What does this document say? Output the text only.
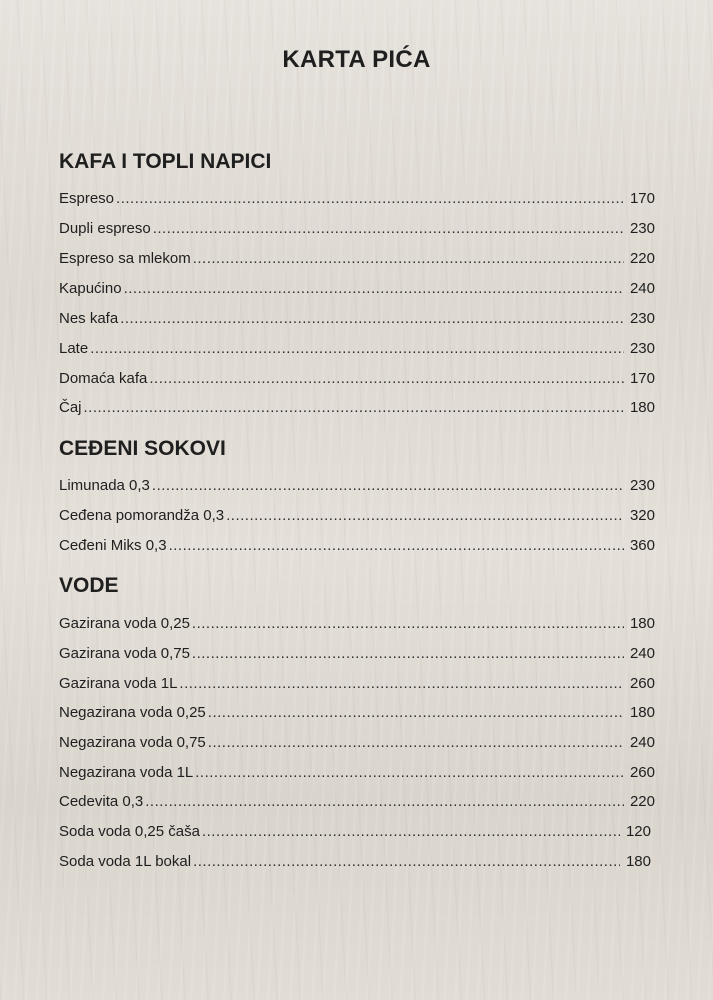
KARTA PIĆA
KAFA I TOPLI NAPICI
Espreso .....	170
Dupli espreso .....	230
Espreso sa mlekom .....	220
Kapućino .....	240
Nes kafa .....	230
Late .....	230
Domaća kafa .....	170
Čaj .....	180
CEĐENI SOKOVI
Limunada 0,3 .....	230
Ceđena pomorandža 0,3 .....	320
Ceđeni Miks 0,3 .....	360
VODE
Gazirana voda 0,25 .....	180
Gazirana voda 0,75 .....	240
Gazirana voda 1L .....	260
Negazirana voda 0,25 .....	180
Negazirana voda 0,75 .....	240
Negazirana voda 1L .....	260
Cedevita 0,3 .....	220
Soda voda 0,25 čaša .....	120
Soda voda 1L bokal .....	180
